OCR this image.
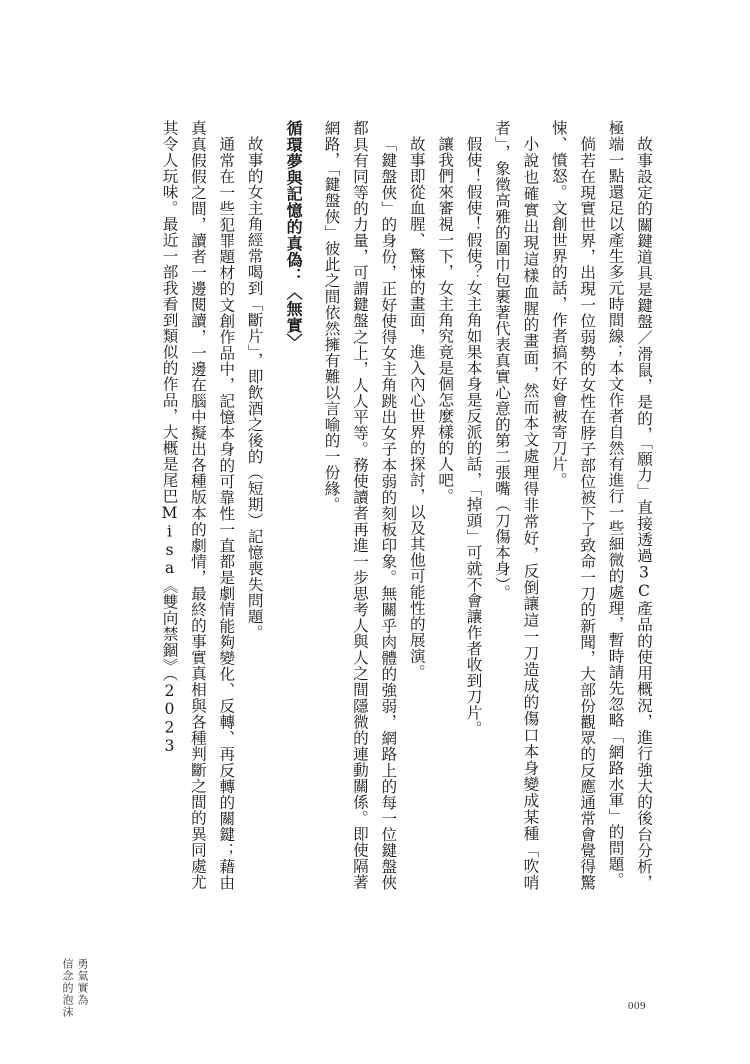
故事設定的關鍵道具是鍵盤／滑鼠，是的，「願力」直接透過3C產品的使用概況，進行強大的後台分析，極端一點還足以產生多元時間線；本文作者自然有進行一些細微的處理，暫時請先忽略「網路水軍」的問題。

倘若在現實世界，出現一位弱勢的女性在脖子部位被下了致命一刀的新聞，大部份觀眾的反應通常會覺得驚悚、憤怒。文創世界的話，作者搞不好會被寄刀片。

小說也確實出現這樣血腥的畫面，然而本文處理得非常好，反倒讓這一刀造成的傷口本身變成某種「吹哨者」，象徵高雅的圍巾包裹著代表真實心意的第二張嘴（刀傷本身）。

假使！假使！假使？女主角如果本身是反派的話，「掉頭」可就不會讓作者收到刀片。

讓我們來審視一下，女主角究竟是個怎麼樣的人吧。

故事即從血腥、驚悚的畫面，進入內心世界的探討，以及其他可能性的展演。

「鍵盤俠」的身份，正好使得女主角跳出女子本弱的刻板印象。無關乎肉體的強弱，網路上的每一位鍵盤俠都具有同等的力量，可謂鍵盤之上，人人平等。務使讀者再進一步思考人與人之間隱微的連動關係。即使隔著網路，「鍵盤俠」彼此之間依然擁有難以言喻的一份緣。

循環夢與記憶的真偽：〈無實〉

故事的女主角經常喝到「斷片」，即飲酒之後的（短期）記憶喪失問題。

通常在一些犯罪題材的文創作品中，記憶本身的可靠性一直都是劇情能夠變化、反轉、再反轉的關鍵；藉由真真假假之間，讀者一邊閱讀，一邊在腦中擬出各種版本的劇情，最終的事實真相與各種判斷之間的異同處尤其令人玩味。最近一部我看到類似的作品，大概是尾巴Misa《雙向禁錮》（2023

勇氣實為
信念的泡沫	009
